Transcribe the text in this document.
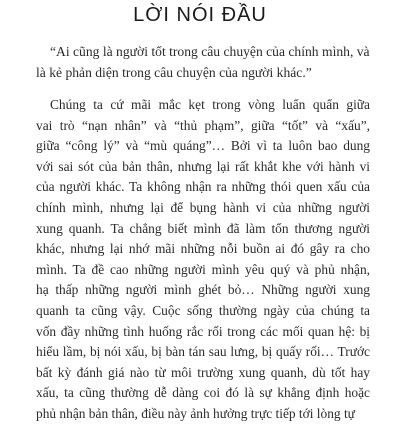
LỜI NÓI ĐẦU

“Ai cũng là người tốt trong câu chuyện của chính mình, và là kẻ phản diện trong câu chuyện của người khác.”

Chúng ta cứ mãi mắc kẹt trong vòng luẩn quẩn giữa
vai trò “nạn nhân” và “thủ phạm”, giữa “tốt” và “xấu”,
giữa “công lý” và “mù quáng”… Bởi vì ta luôn bao dung
với sai sót của bản thân, nhưng lại rất khắt khe với hành vi
của người khác. Ta không nhận ra những thói quen xấu của
chính mình, nhưng lại để bụng hành vi của những người
xung quanh. Ta chẳng biết mình đã làm tổn thương người
khác, nhưng lại nhớ mãi những nỗi buồn ai đó gây ra cho
mình. Ta đề cao những người mình yêu quý và phủ nhận,
hạ thấp những người mình ghét bỏ… Những người xung
quanh ta cũng vậy. Cuộc sống thường ngày của chúng ta
vốn đầy những tình huống rắc rối trong các mối quan hệ: bị
hiểu lầm, bị nói xấu, bị bàn tán sau lưng, bị quấy rối… Trước
bất kỳ đánh giá nào từ môi trường xung quanh, dù tốt hay
xấu, ta cũng thường dễ dàng coi đó là sự khẳng định hoặc
phủ nhận bản thân, điều này ảnh hưởng trực tiếp tới lòng tự
